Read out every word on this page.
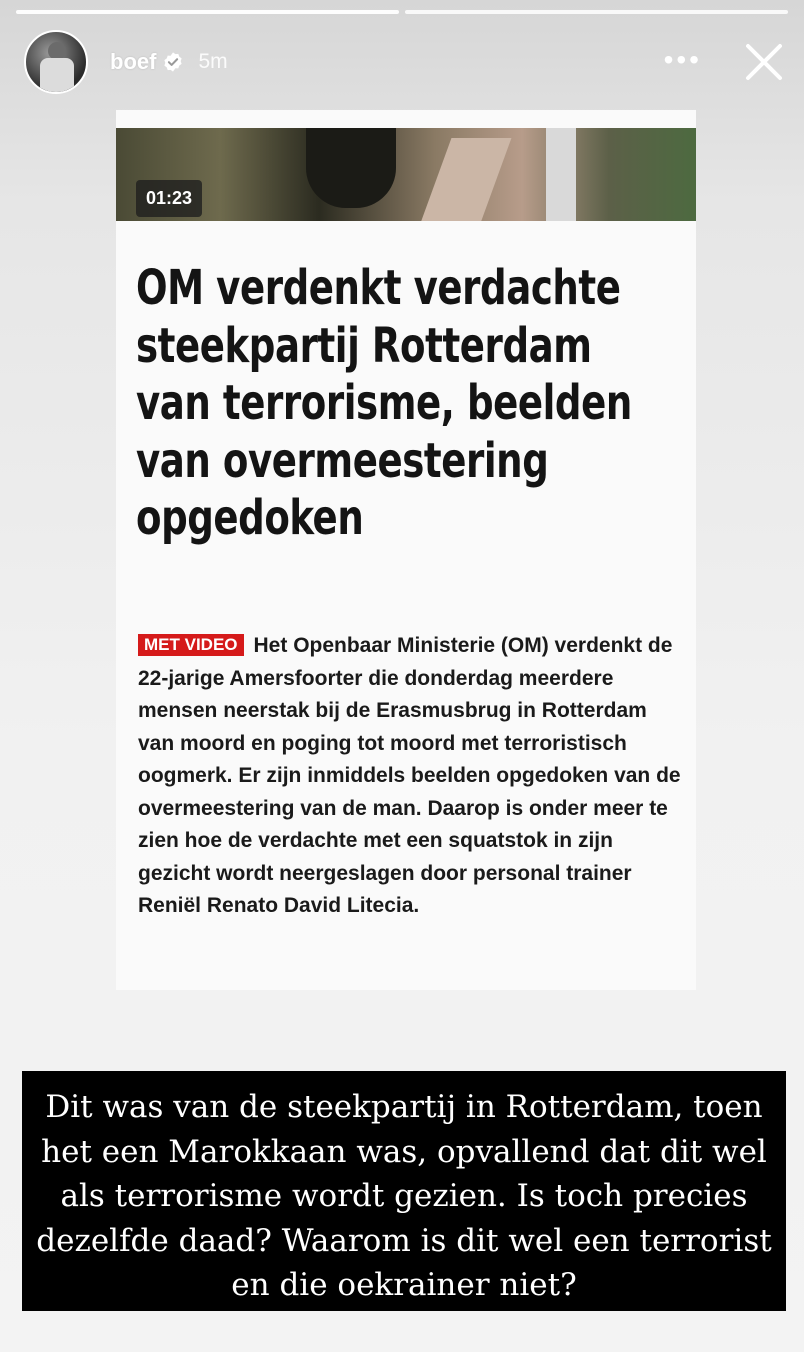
boef 5m	•••
01:23
OM verdenkt verdachte steekpartij Rotterdam van terrorisme, beelden van overmeestering opgedoken

MET VIDEO Het Openbaar Ministerie (OM) verdenkt de 22-jarige Amersfoorter die donderdag meerdere mensen neerstak bij de Erasmusbrug in Rotterdam van moord en poging tot moord met terroristisch oogmerk. Er zijn inmiddels beelden opgedoken van de overmeestering van de man. Daarop is onder meer te zien hoe de verdachte met een squatstok in zijn gezicht wordt neergeslagen door personal trainer Reniël Renato David Litecia.

Dit was van de steekpartij in Rotterdam, toen het een Marokkaan was, opvallend dat dit wel als terrorisme wordt gezien. Is toch precies dezelfde daad? Waarom is dit wel een terrorist en die oekrainer niet?
